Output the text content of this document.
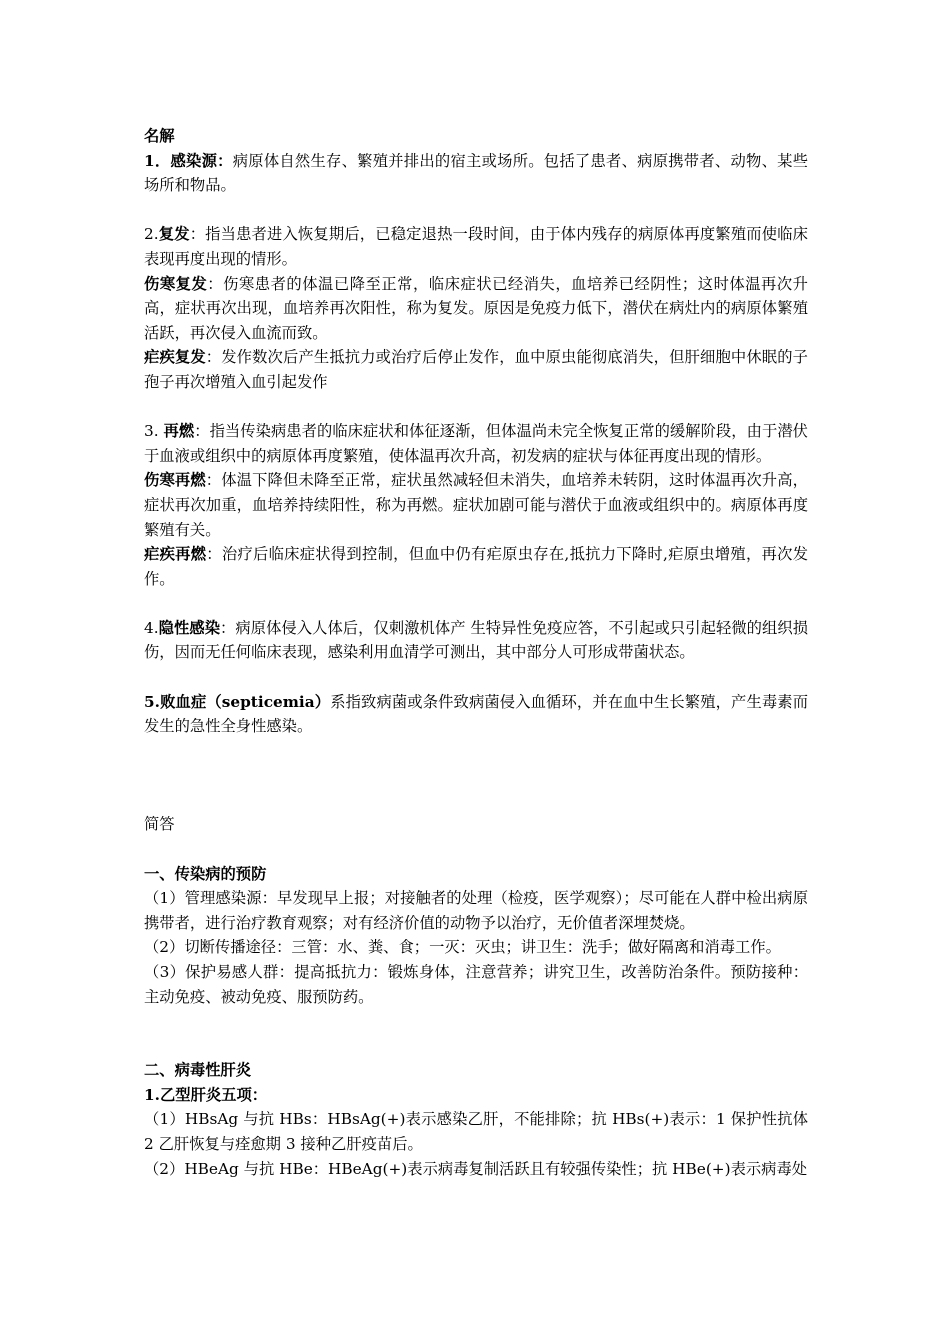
名解
1．感染源：病原体自然生存、繁殖并排出的宿主或场所。包括了患者、病原携带者、动物、某些场所和物品。
2.复发：指当患者进入恢复期后，已稳定退热一段时间，由于体内残存的病原体再度繁殖而使临床表现再度出现的情形。
伤寒复发：伤寒患者的体温已降至正常，临床症状已经消失，血培养已经阴性；这时体温再次升高，症状再次出现，血培养再次阳性，称为复发。原因是免疫力低下，潜伏在病灶内的病原体繁殖活跃，再次侵入血流而致。
疟疾复发：发作数次后产生抵抗力或治疗后停止发作，血中原虫能彻底消失，但肝细胞中休眠的子孢子再次增殖入血引起发作
3. 再燃：指当传染病患者的临床症状和体征逐渐，但体温尚未完全恢复正常的缓解阶段，由于潜伏于血液或组织中的病原体再度繁殖，使体温再次升高，初发病的症状与体征再度出现的情形。
伤寒再燃：体温下降但未降至正常，症状虽然减轻但未消失，血培养未转阴，这时体温再次升高，症状再次加重，血培养持续阳性，称为再燃。症状加剧可能与潜伏于血液或组织中的。病原体再度繁殖有关。
疟疾再燃：治疗后临床症状得到控制，但血中仍有疟原虫存在,抵抗力下降时,疟原虫增殖，再次发作。
4.隐性感染：病原体侵入人体后，仅刺激机体产 生特异性免疫应答，不引起或只引起轻微的组织损伤，因而无任何临床表现，感染利用血清学可测出，其中部分人可形成带菌状态。
5.败血症（septicemia）系指致病菌或条件致病菌侵入血循环，并在血中生长繁殖，产生毒素而发生的急性全身性感染。
简答
一、传染病的预防
（1）管理感染源：早发现早上报；对接触者的处理（检疫，医学观察）；尽可能在人群中检出病原携带者，进行治疗教育观察；对有经济价值的动物予以治疗，无价值者深埋焚烧。
（2）切断传播途径：三管：水、粪、食；一灭：灭虫；讲卫生：洗手；做好隔离和消毒工作。
（3）保护易感人群：提高抵抗力：锻炼身体，注意营养；讲究卫生，改善防治条件。预防接种：主动免疫、被动免疫、服预防药。
二、病毒性肝炎
1.乙型肝炎五项：
（1）HBsAg 与抗 HBs：HBsAg(+)表示感染乙肝，不能排除；抗 HBs(+)表示：1 保护性抗体 2 乙肝恢复与痊愈期 3 接种乙肝疫苗后。
（2）HBeAg 与抗 HBe：HBeAg(+)表示病毒复制活跃且有较强传染性；抗 HBe(+)表示病毒处
